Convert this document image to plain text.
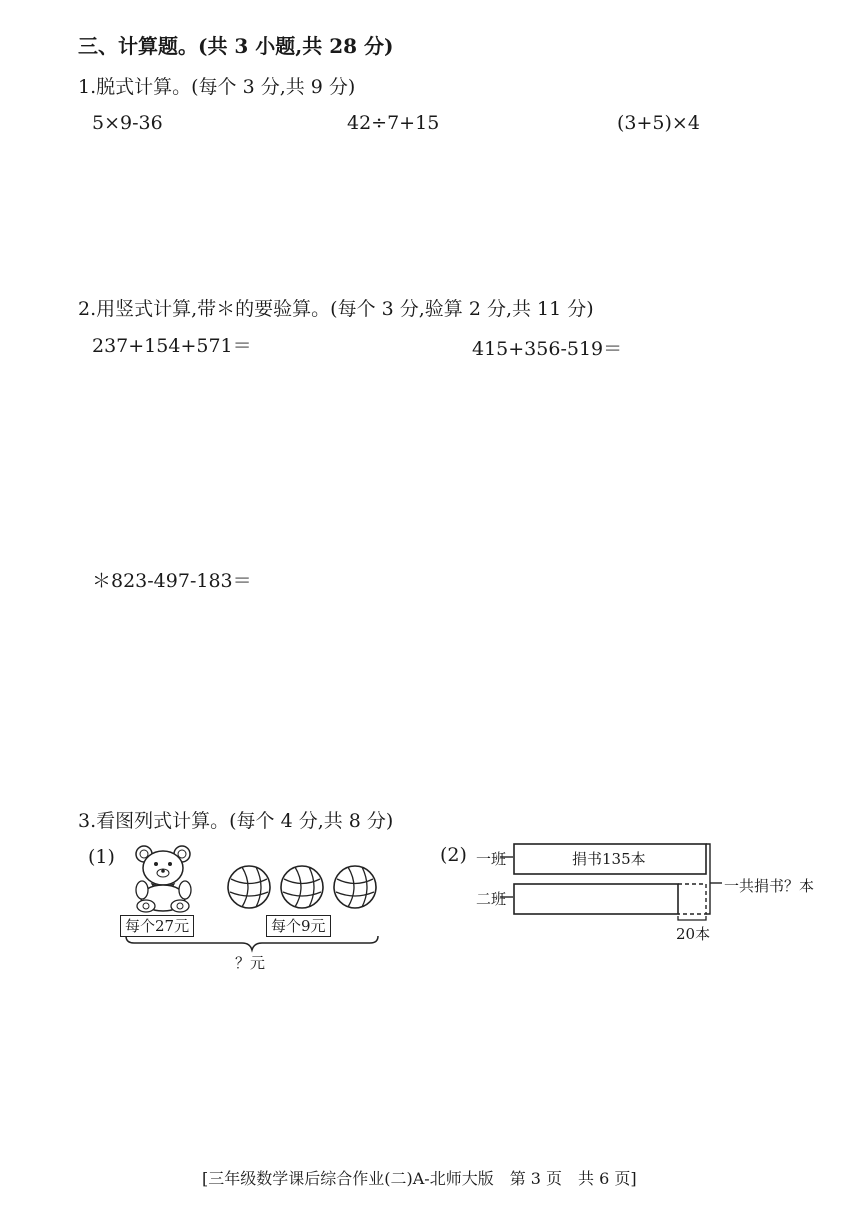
三、计算题。(共 3 小题,共 28 分)
1.脱式计算。(每个 3 分,共 9 分)
5×9-36	42÷7+15	(3+5)×4
2.用竖式计算,带＊的要验算。(每个 3 分,验算 2 分,共 11 分)
237+154+571＝	415+356-519＝
＊823-497-183＝
3.看图列式计算。(每个 4 分,共 8 分)
(1)
每个27元	每个9元
？元
(2) 一班
二班
捐书135本
一共捐书？本
20本
[三年级数学课后综合作业(二)A-北师大版　第 3 页　共 6 页]
